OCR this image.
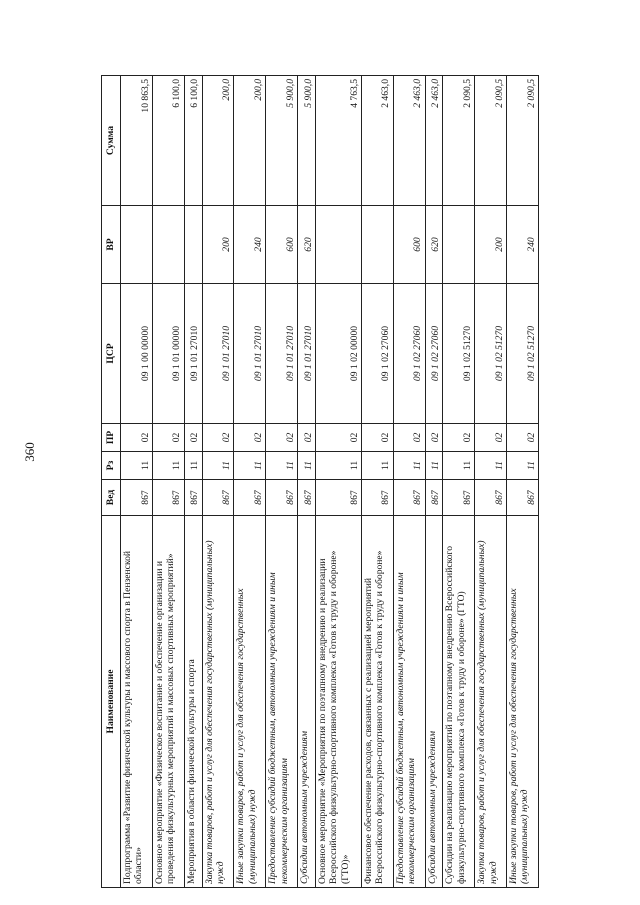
360
Наименование	Вед	Рз	ПР	ЦСР	ВР	Сумма
Подпрограмма «Развитие физической культуры и массового спорта в Пензенской области»	867	11	02	09 1 00 00000		10 863,5
Основное мероприятие «Физическое воспитание и обеспечение организации и проведения физкультурных мероприятий и массовых спортивных мероприятий»	867	11	02	09 1 01 00000		6 100,0
Мероприятия в области физической культуры и спорта	867	11	02	09 1 01 27010		6 100,0
Закупка товаров, работ и услуг для обеспечения государственных (муниципальных) нужд	867	11	02	09 1 01 27010	200	200,0
Иные закупки товаров, работ и услуг для обеспечения государственных (муниципальных) нужд	867	11	02	09 1 01 27010	240	200,0
Предоставление субсидий бюджетным, автономным учреждениям и иным некоммерческим организациям	867	11	02	09 1 01 27010	600	5 900,0
Субсидии автономным учреждениям	867	11	02	09 1 01 27010	620	5 900,0
Основное мероприятие «Мероприятия по поэтапному внедрению и реализации Всероссийского физкультурно-спортивного комплекса «Готов к труду и обороне» (ГТО)»	867	11	02	09 1 02 00000		4 763,5
Финансовое обеспечение расходов, связанных с реализацией мероприятий Всероссийского физкультурно-спортивного комплекса «Готов к труду и обороне»	867	11	02	09 1 02 27060		2 463,0
Предоставление субсидий бюджетным, автономным учреждениям и иным некоммерческим организациям	867	11	02	09 1 02 27060	600	2 463,0
Субсидии автономным учреждениям	867	11	02	09 1 02 27060	620	2 463,0
Субсидии на реализацию мероприятий по поэтапному внедрению Всероссийского физкультурно-спортивного комплекса «Готов к труду и обороне» (ГТО)	867	11	02	09 1 02 51270		2 090,5
Закупка товаров, работ и услуг для обеспечения государственных (муниципальных) нужд	867	11	02	09 1 02 51270	200	2 090,5
Иные закупки товаров, работ и услуг для обеспечения государственных (муниципальных) нужд	867	11	02	09 1 02 51270	240	2 090,5
